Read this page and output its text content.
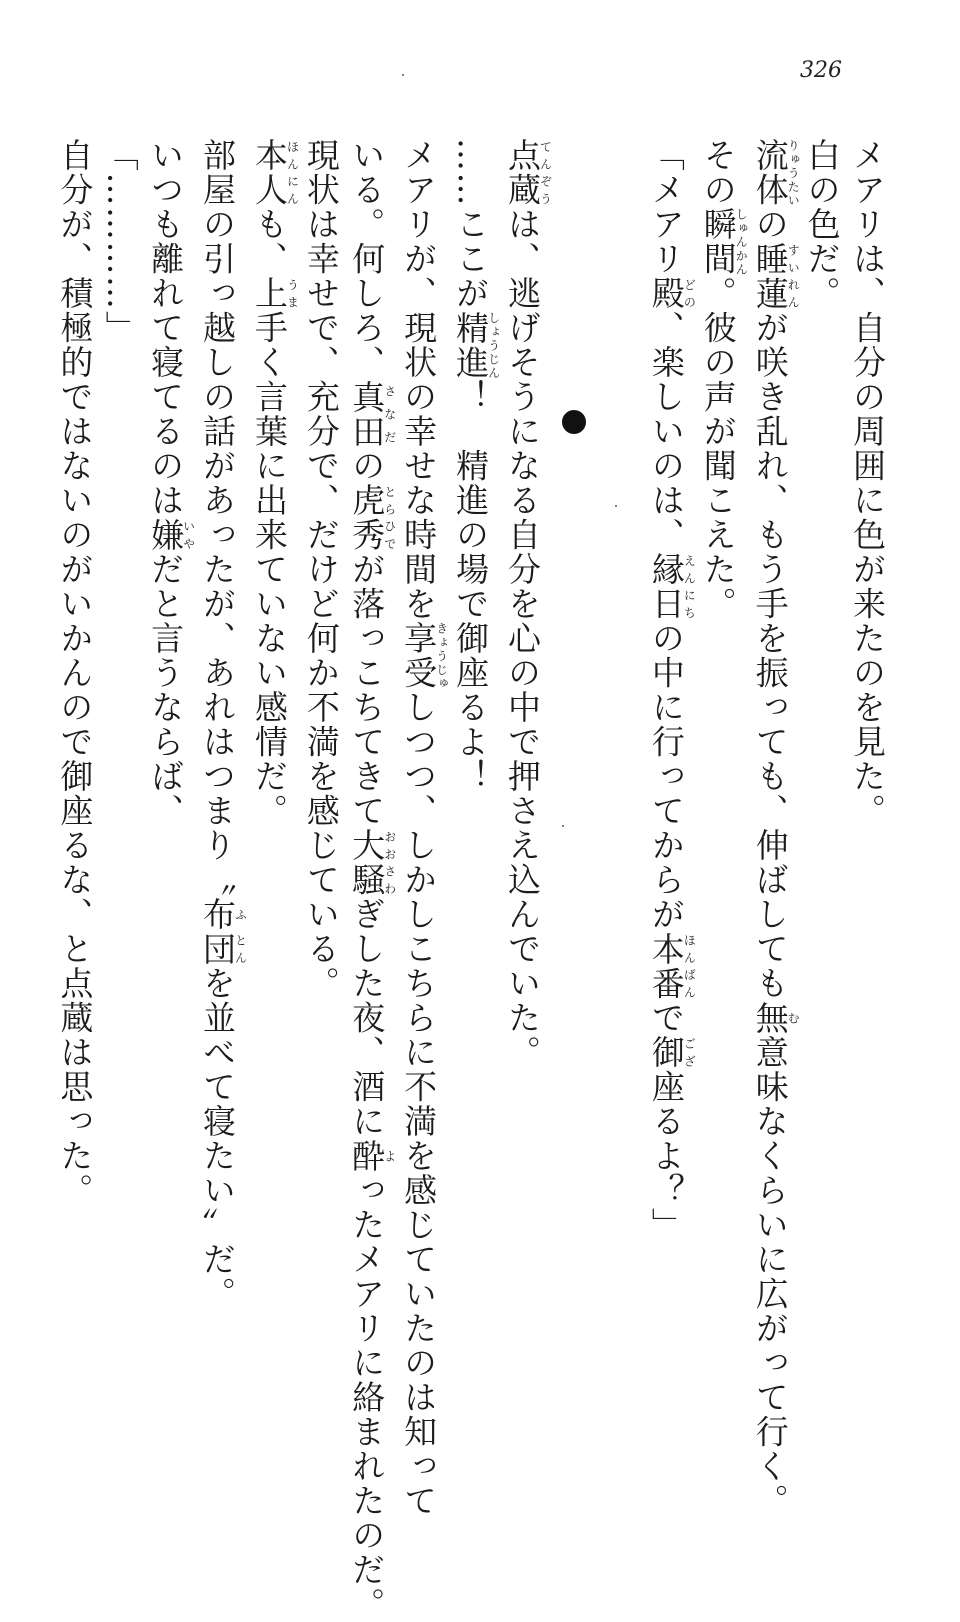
326

メアリは、自分の周囲に色が来たのを見た。

白の色だ。

流体りゅうたいの睡蓮すいれんが咲き乱れ、もう手を振っても、伸ばしても無む意味なくらいに広がって行く。

その瞬間しゅんかん。彼の声が聞こえた。

「メアリ殿どの、楽しいのは、縁日えんにちの中に行ってからが本番ほんばんで御ござ座るよ？」

点蔵てんぞうは、逃げそうになる自分を心の中で押さえ込んでいた。

……ここが精進しょうじん！　精進の場で御座るよ！

メアリが、現状の幸せな時間を享受きょうじゅしつつ、しかしこちらに不満を感じていたのは知って

いる。何しろ、真田さなだの虎秀とらひでが落っこちてきて大騒おおさわぎした夜、酒に酔よったメアリに絡まれたのだ。

現状は幸せで、充分で、だけど何か不満を感じている。

本人ほんにんも、上うま手く言葉に出来ていない感情だ。

部屋の引っ越しの話があったが、あれはつまり〝布ふ団とんを並べて寝たい〟だ。

いつも離れて寝てるのは嫌いやだと言うならば、

「…………」

自分が、積極的ではないのがいかんので御座るな、と点蔵は思った。
